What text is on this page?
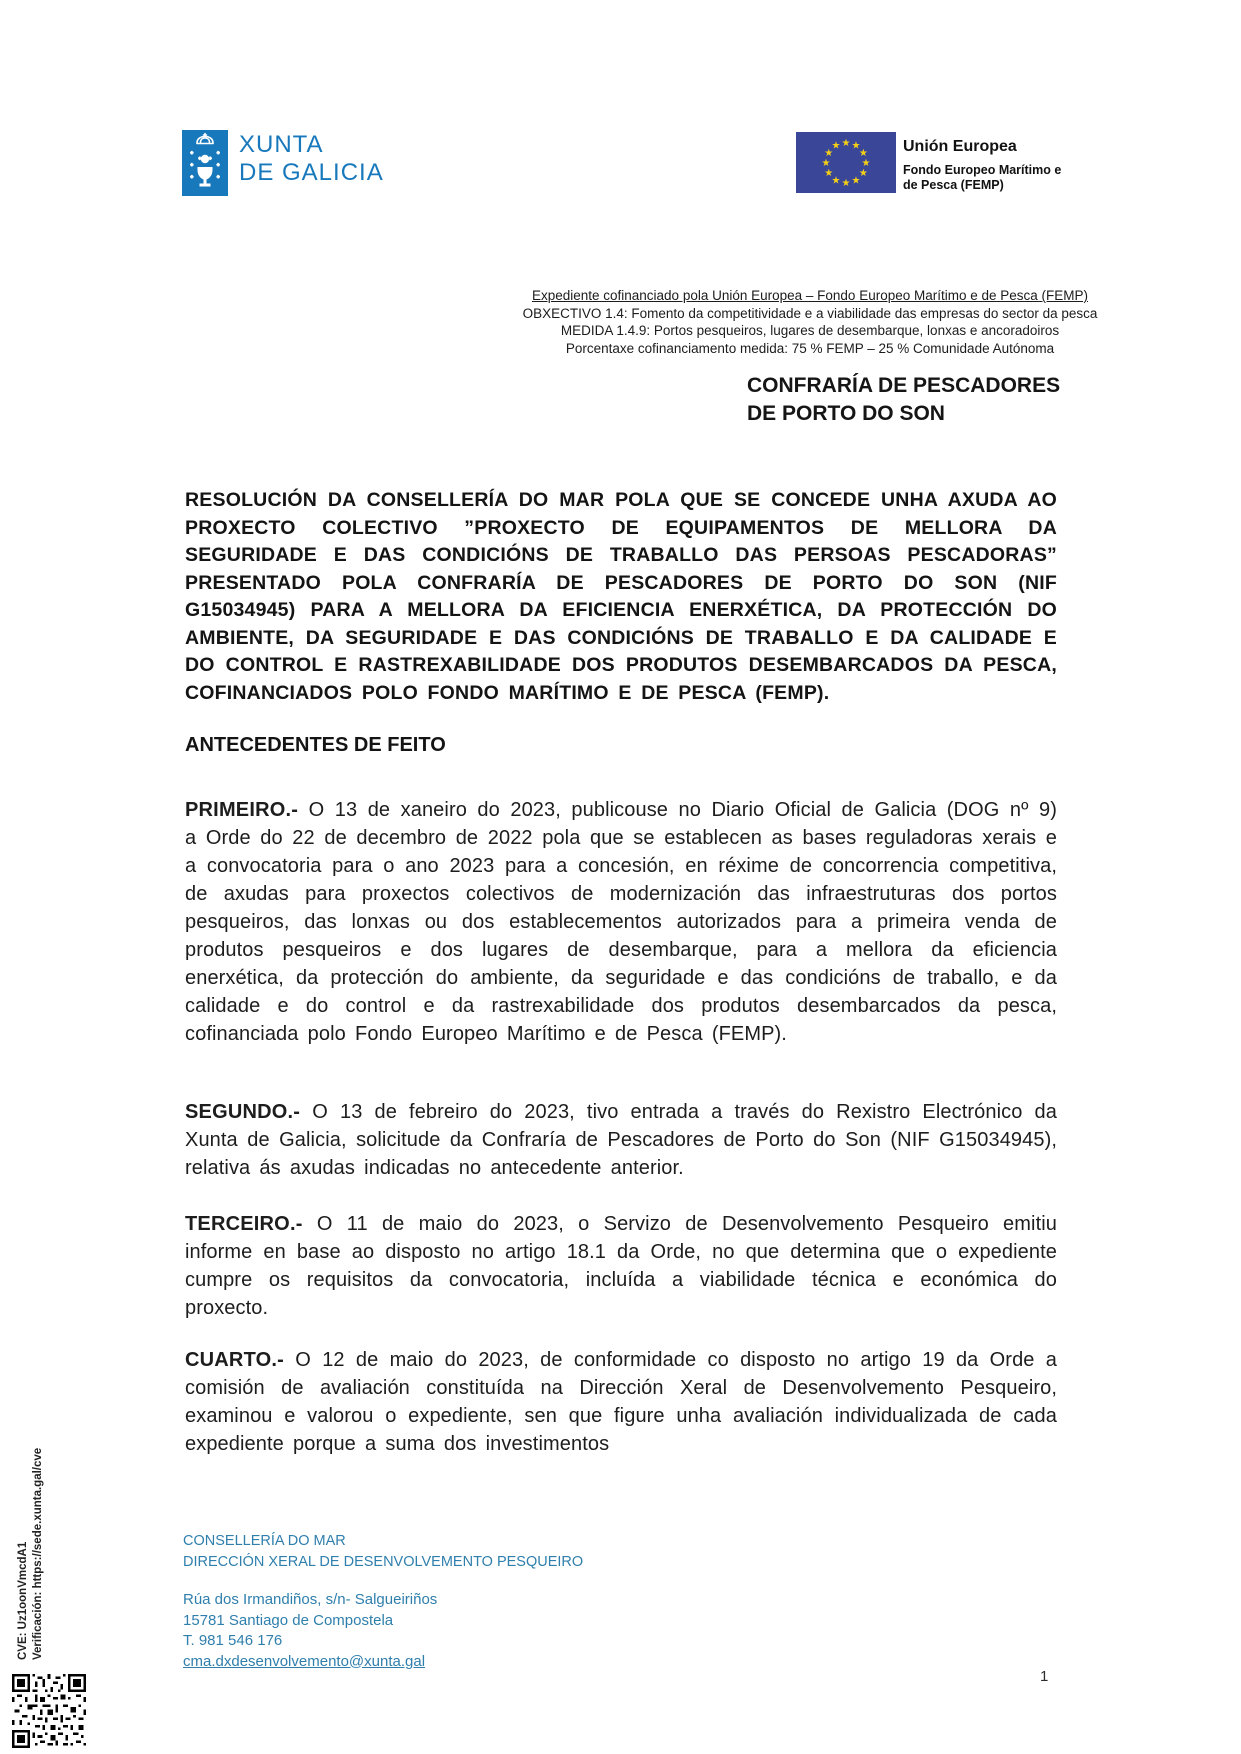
XUNTA
DE GALICIA
★ ★
★
★
★
★
★
★
★
★
★
★	Unión Europea
Fondo Europeo Marítimo e
de Pesca (FEMP)
Expediente cofinanciado pola Unión Europea – Fondo Europeo Marítimo e de Pesca (FEMP)
OBXECTIVO 1.4: Fomento da competitividade e a viabilidade das empresas do sector da pesca
MEDIDA 1.4.9: Portos pesqueiros, lugares de desembarque, lonxas e ancoradoiros
Porcentaxe cofinanciamento medida: 75 % FEMP – 25 % Comunidade Autónoma
CONFRARÍA DE PESCADORES
DE PORTO DO SON
RESOLUCIÓN DA CONSELLERÍA DO MAR POLA QUE SE CONCEDE UNHA AXUDA AO PROXECTO COLECTIVO ”PROXECTO DE EQUIPAMENTOS DE MELLORA DA SEGURIDADE E DAS CONDICIÓNS DE TRABALLO DAS PERSOAS PESCADORAS” PRESENTADO POLA CONFRARÍA DE PESCADORES DE PORTO DO SON (NIF G15034945) PARA A MELLORA DA EFICIENCIA ENERXÉTICA, DA PROTECCIÓN DO AMBIENTE, DA SEGURIDADE E DAS CONDICIÓNS DE TRABALLO E DA CALIDADE E DO CONTROL E RASTREXABILIDADE DOS PRODUTOS DESEMBARCADOS DA PESCA, COFINANCIADOS POLO FONDO MARÍTIMO E DE PESCA (FEMP).
ANTECEDENTES DE FEITO
PRIMEIRO.- O 13 de xaneiro do 2023, publicouse no Diario Oficial de Galicia (DOG nº 9) a Orde do 22 de decembro de 2022 pola que se establecen as bases reguladoras xerais e a convocatoria para o ano 2023 para a concesión, en réxime de concorrencia competitiva, de axudas para proxectos colectivos de modernización das infraestruturas dos portos pesqueiros, das lonxas ou dos establecementos autorizados para a primeira venda de produtos pesqueiros e dos lugares de desembarque, para a mellora da eficiencia enerxética, da protección do ambiente, da seguridade e das condicións de traballo, e da calidade e do control e da rastrexabilidade dos produtos desembarcados da pesca, cofinanciada polo Fondo Europeo Marítimo e de Pesca (FEMP).
SEGUNDO.- O 13 de febreiro do 2023, tivo entrada a través do Rexistro Electrónico da Xunta de Galicia, solicitude da Confraría de Pescadores de Porto do Son (NIF G15034945), relativa ás axudas indicadas no antecedente anterior.
TERCEIRO.- O 11 de maio do 2023, o Servizo de Desenvolvemento Pesqueiro emitiu informe en base ao disposto no artigo 18.1 da Orde, no que determina que o expediente cumpre os requisitos da convocatoria, incluída a viabilidade técnica e económica do proxecto.
CUARTO.- O 12 de maio do 2023, de conformidade co disposto no artigo 19 da Orde a comisión de avaliación constituída na Dirección Xeral de Desenvolvemento Pesqueiro, examinou e valorou o expediente, sen que figure unha avaliación individualizada de cada expediente porque a suma dos investimentos
CONSELLERÍA DO MAR
DIRECCIÓN XERAL DE DESENVOLVEMENTO PESQUEIRO
Rúa dos Irmandiños, s/n- Salgueiriños
15781 Santiago de Compostela
T. 981 546 176
cma.dxdesenvolvemento@xunta.gal
1
CVE: Uz1oonVmcdA1 Verificación: https://sede.xunta.gal/cve
